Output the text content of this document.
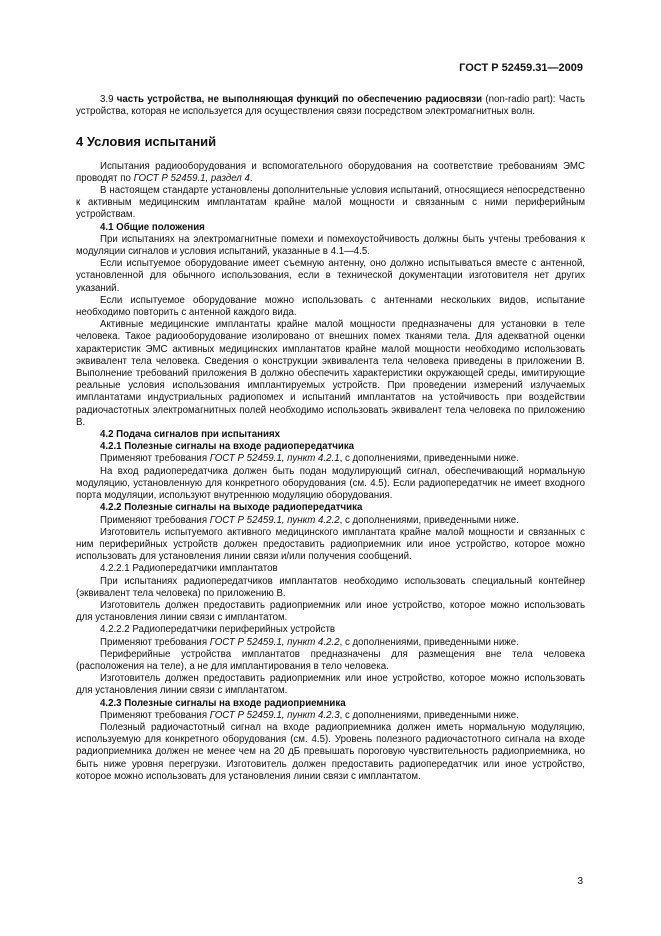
ГОСТ Р 52459.31—2009

3.9 часть устройства, не выполняющая функций по обеспечению радиосвязи (non-radio part): Часть устройства, которая не используется для осуществления связи посредством электромагнитных волн.

4 Условия испытаний

Испытания радиооборудования и вспомогательного оборудования на соответствие требованиям ЭМС проводят по ГОСТ Р 52459.1, раздел 4.

В настоящем стандарте установлены дополнительные условия испытаний, относящиеся непосредственно к активным медицинским имплантатам крайне малой мощности и связанным с ними периферийным устройствам.

4.1 Общие положения

При испытаниях на электромагнитные помехи и помехоустойчивость должны быть учтены требования к модуляции сигналов и условия испытаний, указанные в 4.1—4.5.

Если испытуемое оборудование имеет съемную антенну, оно должно испытываться вместе с антенной, установленной для обычного использования, если в технической документации изготовителя нет других указаний.

Если испытуемое оборудование можно использовать с антеннами нескольких видов, испытание необходимо повторить с антенной каждого вида.

Активные медицинские имплантаты крайне малой мощности предназначены для установки в теле человека. Такое радиооборудование изолировано от внешних помех тканями тела. Для адекватной оценки характеристик ЭМС активных медицинских имплантатов крайне малой мощности необходимо использовать эквивалент тела человека. Сведения о конструкции эквивалента тела человека приведены в приложении В. Выполнение требований приложения В должно обеспечить характеристики окружающей среды, имитирующие реальные условия использования имплантируемых устройств. При проведении измерений излучаемых имплантатами индустриальных радиопомех и испытаний имплантатов на устойчивость при воздействии радиочастотных электромагнитных полей необходимо использовать эквивалент тела человека по приложению В.

4.2 Подача сигналов при испытаниях

4.2.1 Полезные сигналы на входе радиопередатчика

Применяют требования ГОСТ Р 52459.1, пункт 4.2.1, с дополнениями, приведенными ниже.

На вход радиопередатчика должен быть подан модулирующий сигнал, обеспечивающий нормальную модуляцию, установленную для конкретного оборудования (см. 4.5). Если радиопередатчик не имеет входного порта модуляции, используют внутреннюю модуляцию оборудования.

4.2.2 Полезные сигналы на выходе радиопередатчика

Применяют требования ГОСТ Р 52459.1, пункт 4.2.2, с дополнениями, приведенными ниже.

Изготовитель испытуемого активного медицинского имплантата крайне малой мощности и связанных с ним периферийных устройств должен предоставить радиоприемник или иное устройство, которое можно использовать для установления линии связи и/или получения сообщений.

4.2.2.1 Радиопередатчики имплантатов

При испытаниях радиопередатчиков имплантатов необходимо использовать специальный контейнер (эквивалент тела человека) по приложению В.

Изготовитель должен предоставить радиоприемник или иное устройство, которое можно использовать для установления линии связи с имплантатом.

4.2.2.2 Радиопередатчики периферийных устройств

Применяют требования ГОСТ Р 52459.1, пункт 4.2.2, с дополнениями, приведенными ниже.

Периферийные устройства имплантатов предназначены для размещения вне тела человека (расположения на теле), а не для имплантирования в тело человека.

Изготовитель должен предоставить радиоприемник или иное устройство, которое можно использовать для установления линии связи с имплантатом.

4.2.3 Полезные сигналы на входе радиоприемника

Применяют требования ГОСТ Р 52459.1, пункт 4.2.3, с дополнениями, приведенными ниже.

Полезный радиочастотный сигнал на входе радиоприемника должен иметь нормальную модуляцию, используемую для конкретного оборудования (см. 4.5). Уровень полезного радиочастотного сигнала на входе радиоприемника должен не менее чем на 20 дБ превышать пороговую чувствительность радиоприемника, но быть ниже уровня перегрузки. Изготовитель должен предоставить радиопередатчик или иное устройство, которое можно использовать для установления линии связи с имплантатом.

3
